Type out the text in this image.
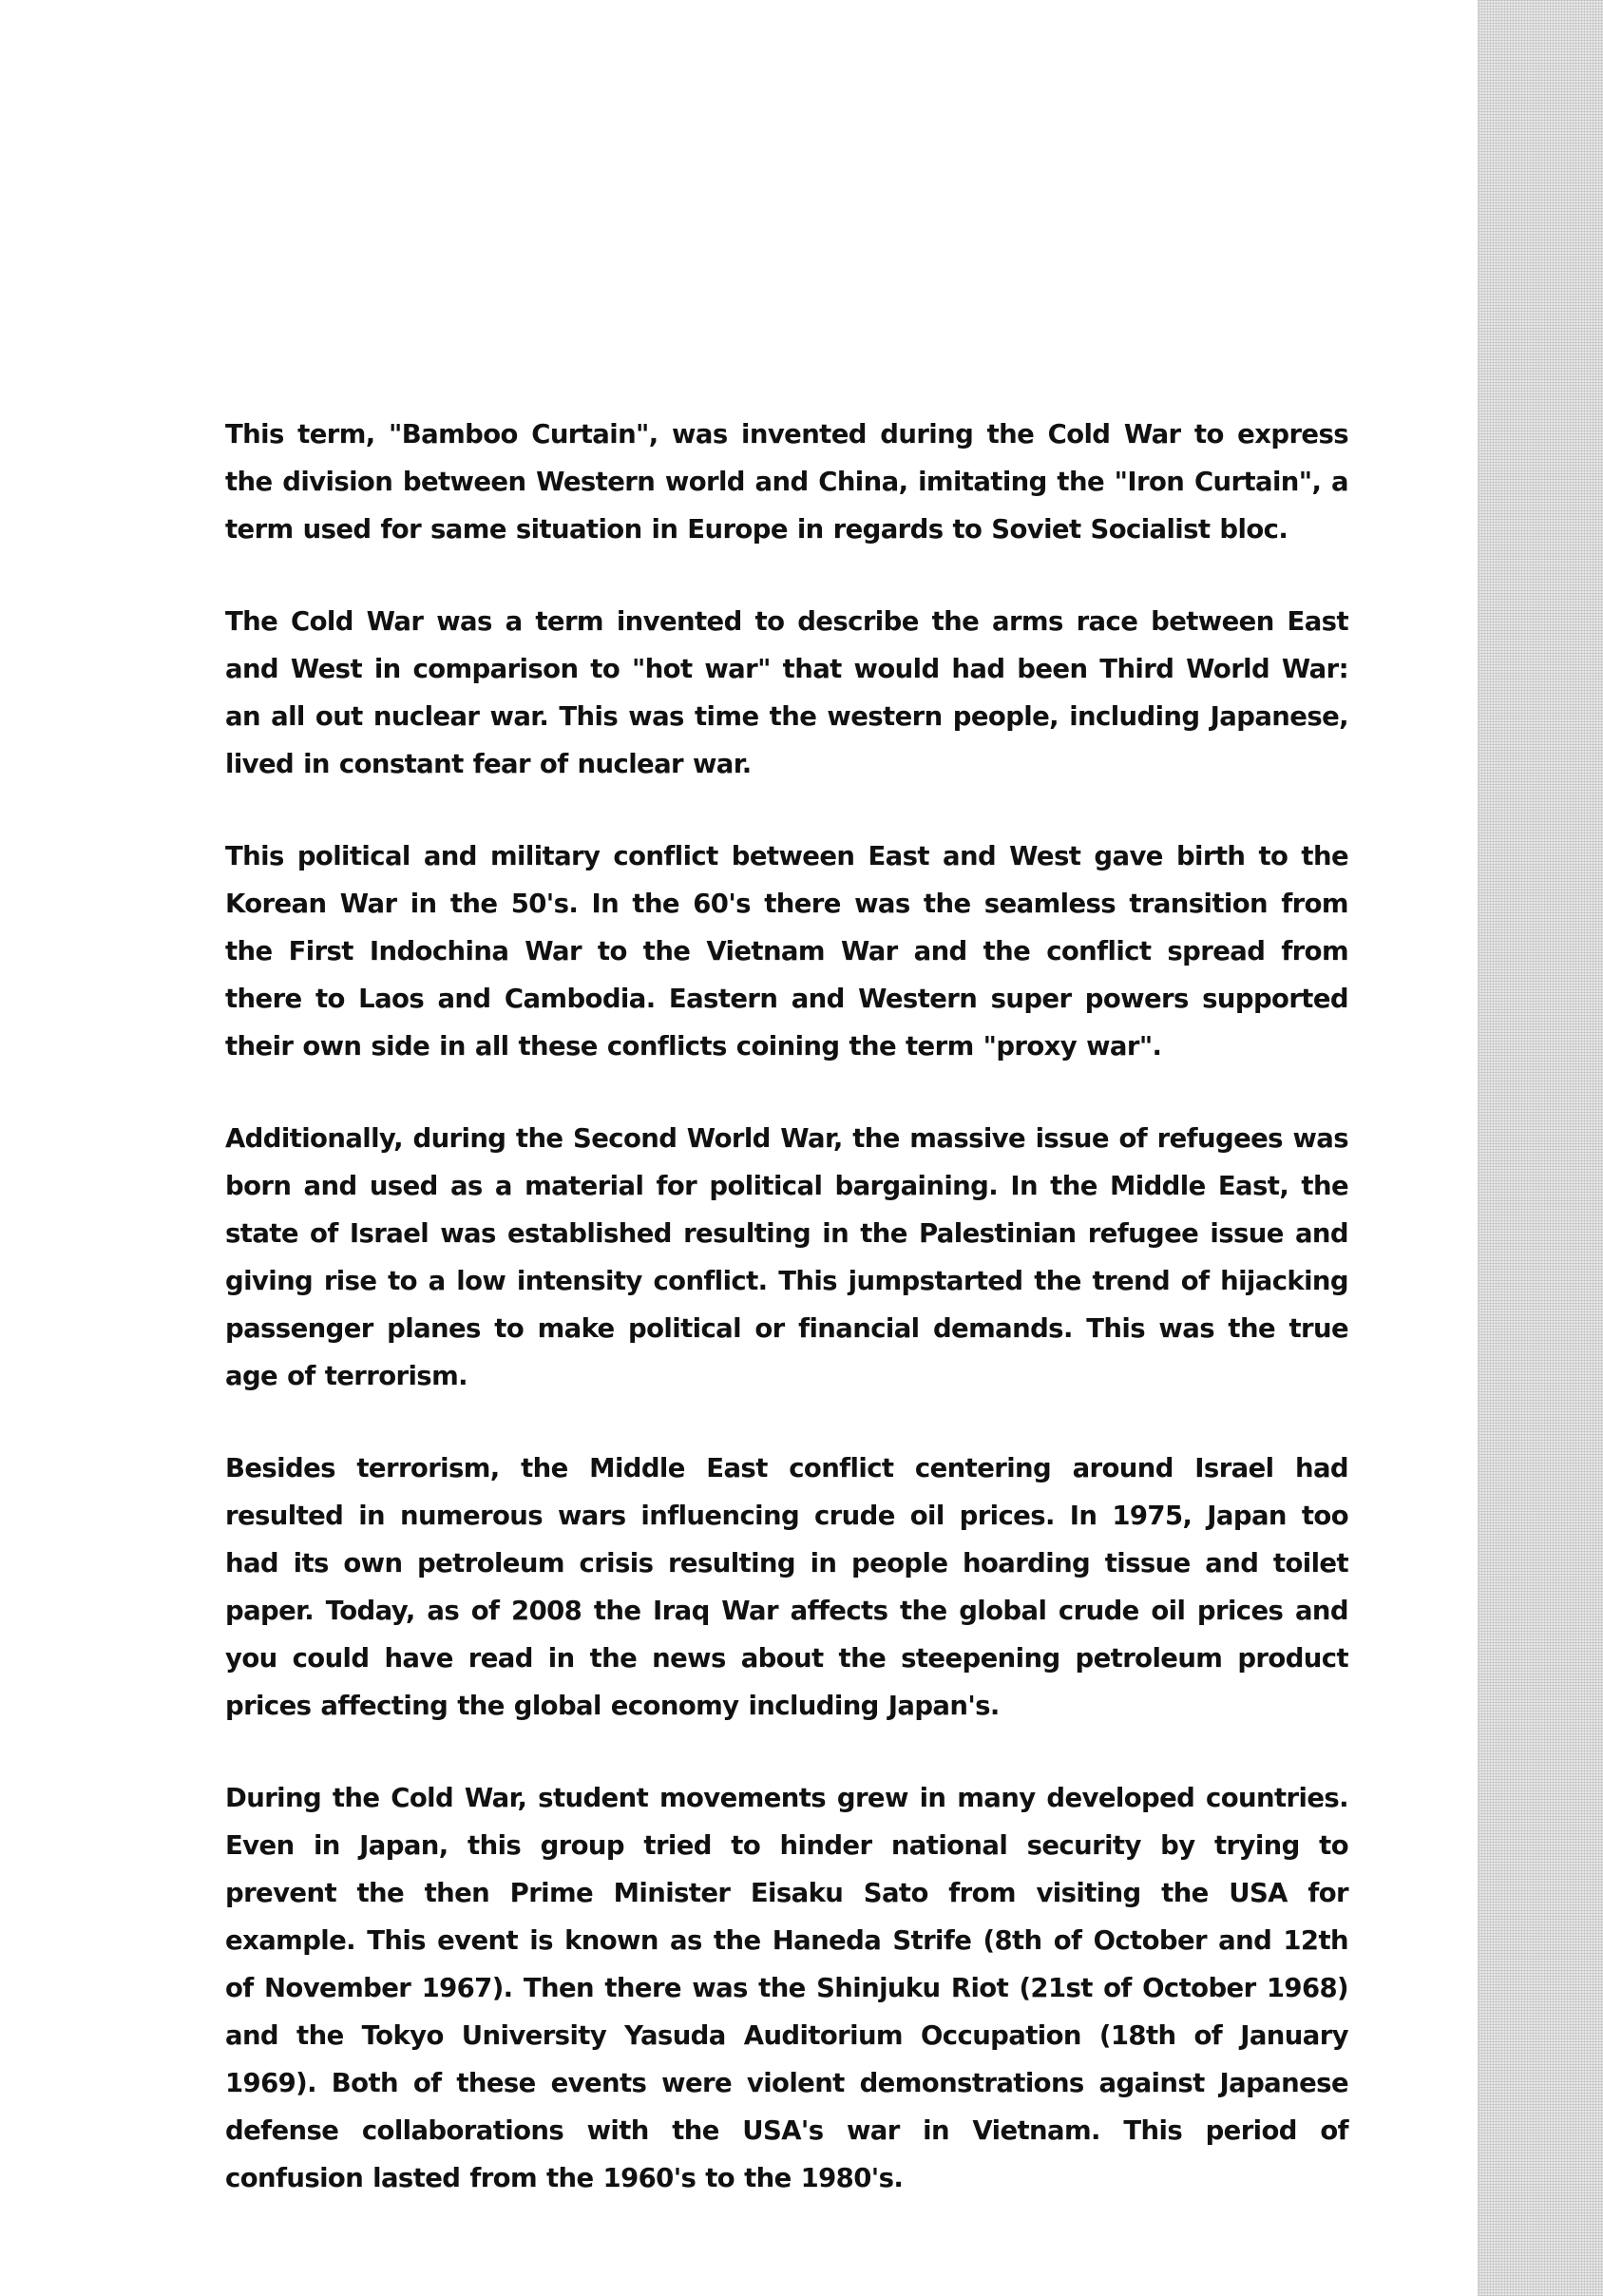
This term, "Bamboo Curtain", was invented during the Cold War to express the division between Western world and China, imitating the "Iron Curtain", a term used for same situation in Europe in regards to Soviet Socialist bloc.

The Cold War was a term invented to describe the arms race between East and West in comparison to "hot war" that would had been Third World War: an all out nuclear war. This was time the western people, including Japanese, lived in constant fear of nuclear war.

This political and military conflict between East and West gave birth to the Korean War in the 50's. In the 60's there was the seamless transition from the First Indochina War to the Vietnam War and the conflict spread from there to Laos and Cambodia. Eastern and Western super powers supported their own side in all these conflicts coining the term "proxy war".

Additionally, during the Second World War, the massive issue of refugees was born and used as a material for political bargaining. In the Middle East, the state of Israel was established resulting in the Palestinian refugee issue and giving rise to a low intensity conflict. This jumpstarted the trend of hijacking passenger planes to make political or financial demands. This was the true age of terrorism.

Besides terrorism, the Middle East conflict centering around Israel had resulted in numerous wars influencing crude oil prices. In 1975, Japan too had its own petroleum crisis resulting in people hoarding tissue and toilet paper. Today, as of 2008 the Iraq War affects the global crude oil prices and you could have read in the news about the steepening petroleum product prices affecting the global economy including Japan's.

During the Cold War, student movements grew in many developed countries. Even in Japan, this group tried to hinder national security by trying to prevent the then Prime Minister Eisaku Sato from visiting the USA for example. This event is known as the Haneda Strife (8th of October and 12th of November 1967). Then there was the Shinjuku Riot (21st of October 1968) and the Tokyo University Yasuda Auditorium Occupation (18th of January 1969). Both of these events were violent demonstrations against Japanese defense collaborations with the USA's war in Vietnam. This period of confusion lasted from the 1960's to the 1980's.
